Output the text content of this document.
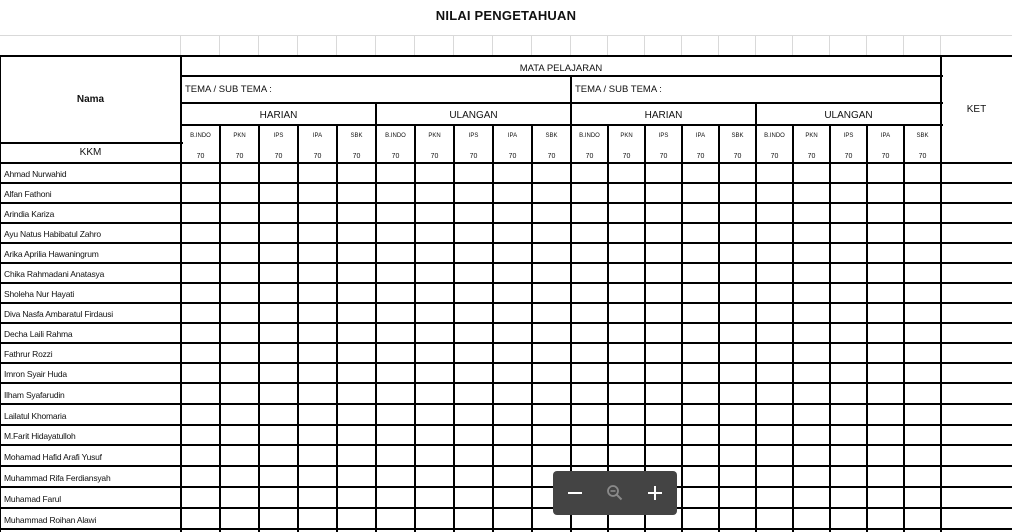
NILAI PENGETAHUAN
Nama
KET
MATA PELAJARAN
KKM
TEMA / SUB TEMA :
HARIAN
B.INDO
70
PKN
70
IPS
70
IPA
70
SBK
70
ULANGAN
B.INDO
70
PKN
70
IPS
70
IPA
70
SBK
70
TEMA / SUB TEMA :
HARIAN
B.INDO
70
PKN
70
IPS
70
IPA
70
SBK
70
ULANGAN
B.INDO
70
PKN
70
IPS
70
IPA
70
SBK
70
Ahmad Nurwahid
Alfan Fathoni
Arindia Kariza
Ayu Natus Habibatul Zahro
Arika Aprilia Hawaningrum
Chika Rahmadani Anatasya
Sholeha Nur Hayati
Diva Nasfa Ambaratul Firdausi
Decha Laili Rahma
Fathrur Rozzi
Imron Syair Huda
Ilham Syafarudin
Lailatul Khomaria
M.Farit Hidayatulloh
Mohamad Hafid Arafi Yusuf
Muhammad Rifa Ferdiansyah
Muhamad Farul
Muhammad Roihan Alawi
